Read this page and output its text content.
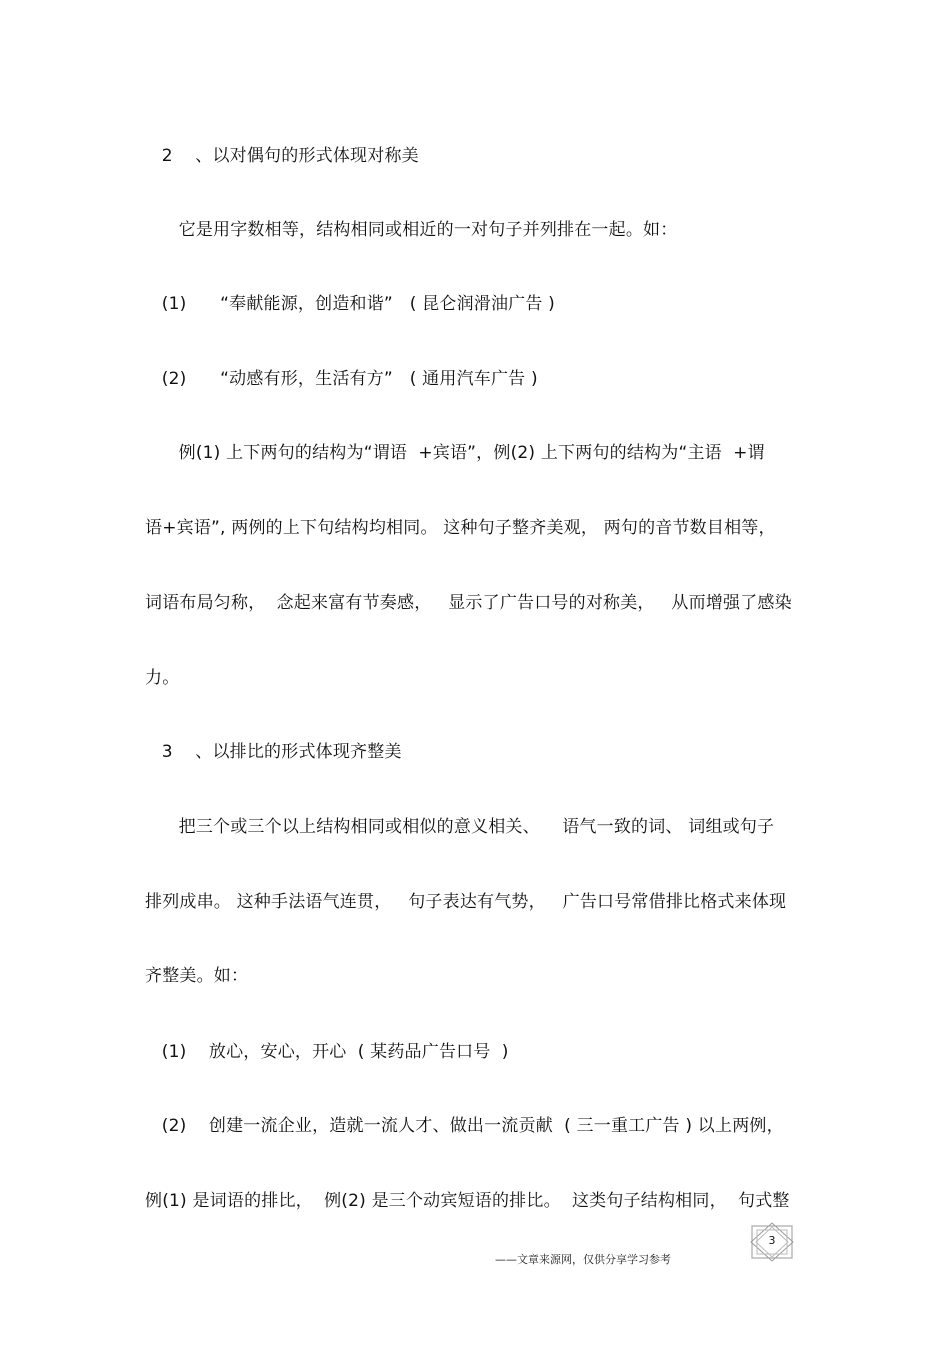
2    、以对偶句的形式体现对称美
它是用字数相等，结构相同或相近的一对句子并列排在一起。如：
(1)      “奉献能源，创造和谐”   ( 昆仑润滑油广告 )
(2)      “动感有形，生活有方”   ( 通用汽车广告 )
例(1) 上下两句的结构为“谓语  +宾语”，例(2) 上下两句的结构为“主语  +谓
语+宾语”, 两例的上下句结构均相同。 这种句子整齐美观， 两句的音节数目相等，
词语布局匀称，  念起来富有节奏感，   显示了广告口号的对称美，   从而增强了感染
力。
3    、以排比的形式体现齐整美
把三个或三个以上结构相同或相似的意义相关、    语气一致的词、 词组或句子
排列成串。 这种手法语气连贯，   句子表达有气势，   广告口号常借排比格式来体现
齐整美。如：
(1)    放心，安心，开心  ( 某药品广告口号  )
(2)    创建一流企业，造就一流人才、做出一流贡献  ( 三一重工广告 ) 以上两例，
例(1) 是词语的排比，  例(2) 是三个动宾短语的排比。  这类句子结构相同，  句式整
——文章来源网，仅供分享学习参考
3
